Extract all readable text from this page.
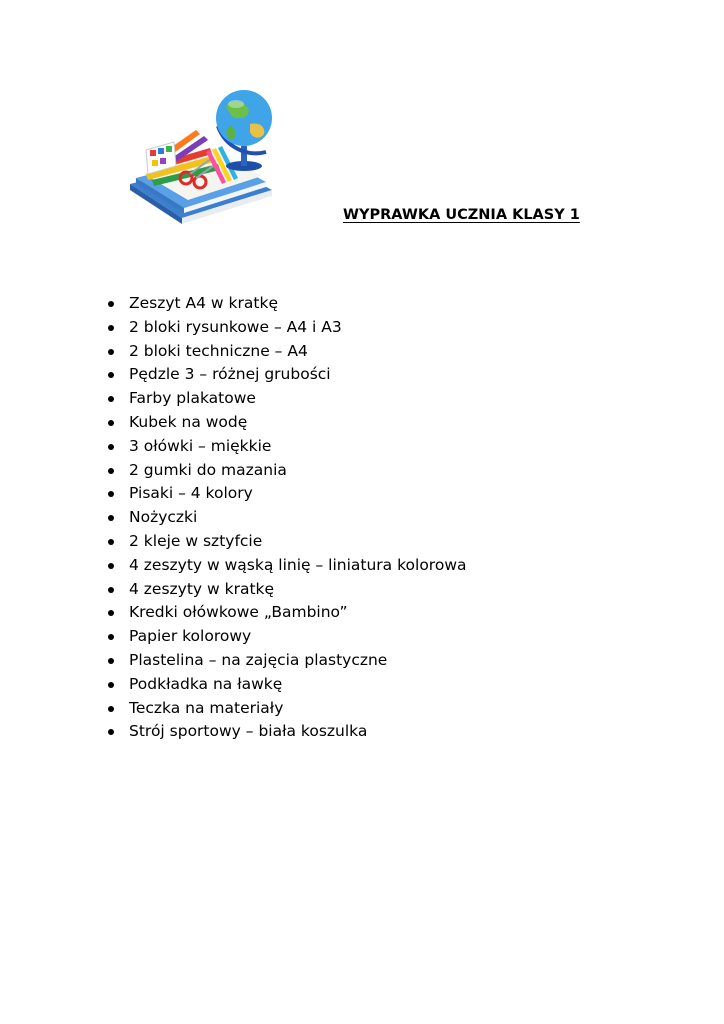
WYPRAWKA UCZNIA KLASY 1
Zeszyt A4 w kratkę
2 bloki rysunkowe – A4 i A3
2 bloki techniczne – A4
Pędzle 3 – różnej grubości
Farby plakatowe
Kubek na wodę
3 ołówki – miękkie
2 gumki do mazania
Pisaki – 4 kolory
Nożyczki
2 kleje w sztyfcie
4 zeszyty w wąską linię – liniatura kolorowa
4 zeszyty w kratkę
Kredki ołówkowe „Bambino”
Papier kolorowy
Plastelina – na zajęcia plastyczne
Podkładka na ławkę
Teczka na materiały
Strój sportowy – biała koszulka
